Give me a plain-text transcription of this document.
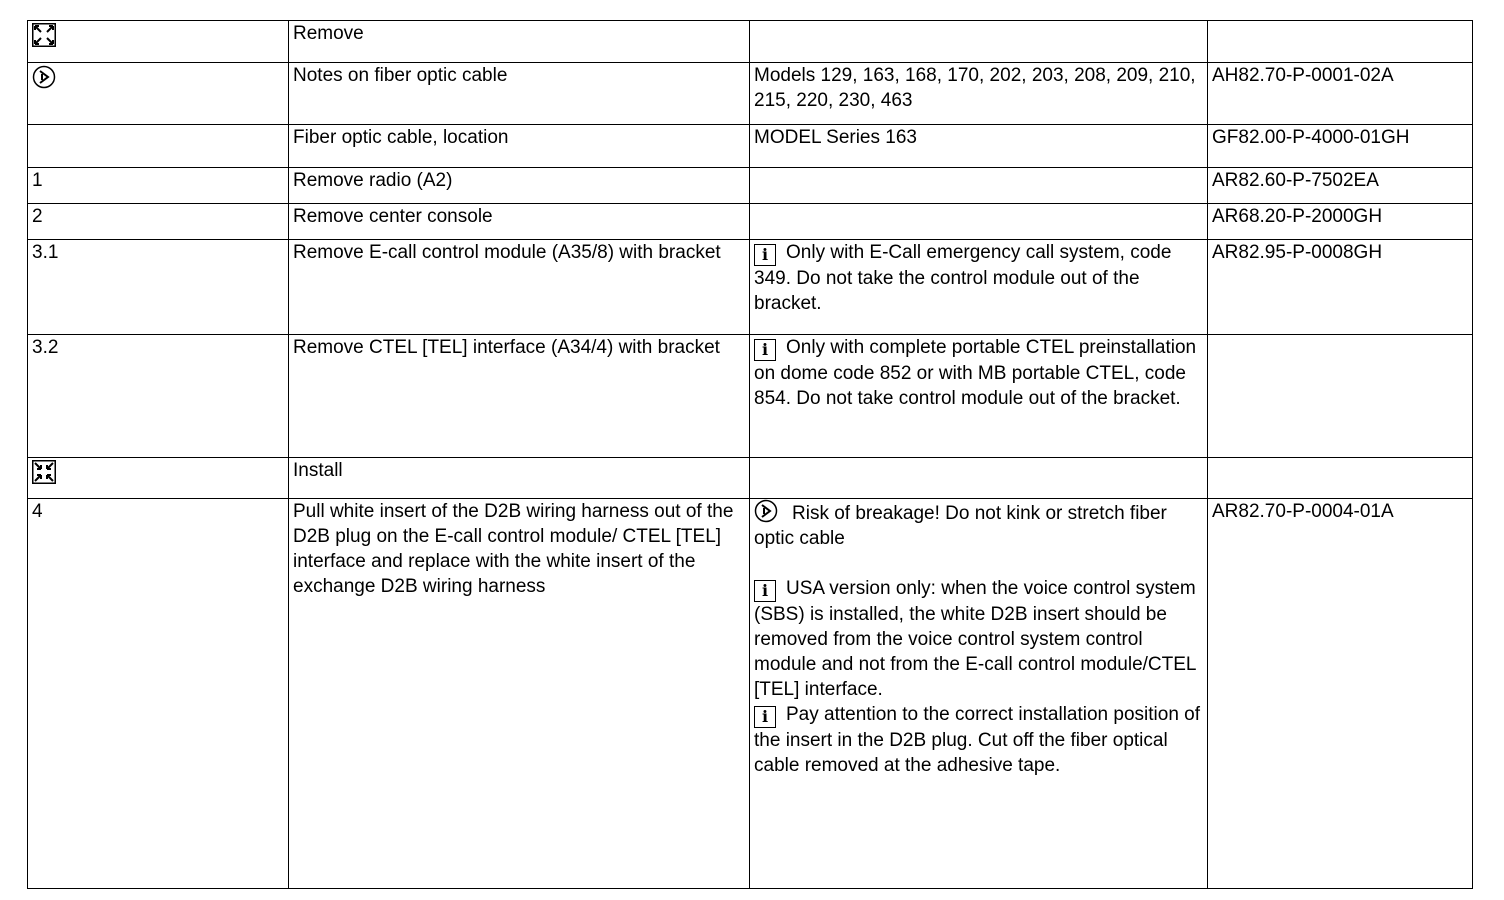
	Remove		

	Notes on fiber optic cable	Models 129, 163, 168, 170, 202, 203, 208, 209, 210, 215, 220, 230, 463	AH82.70-P-0001-02A
	Fiber optic cable, location	MODEL Series 163	GF82.00-P-4000-01GH
1	Remove radio (A2)		AR82.60-P-7502EA
2	Remove center console		AR68.20-P-2000GH
3.1	Remove E-call control module (A35/8) with bracket	i Only with E-Call emergency call system, code 349. Do not take the control module out of the bracket.	AR82.95-P-0008GH
3.2	Remove CTEL [TEL] interface (A34/4) with bracket	i Only with complete portable CTEL preinstallation on dome code 852 or with MB portable CTEL, code 854. Do not take control module out of the bracket.	

	Install		
4	Pull white insert of the D2B wiring harness out of the D2B plug on the E-call control module/ CTEL [TEL] interface and replace with the white insert of the exchange D2B wiring harness	Risk of breakage! Do not kink or stretch fiber optic cable

i USA version only: when the voice control system (SBS) is installed, the white D2B insert should be removed from the voice control system control module and not from the E-call control module/CTEL [TEL] interface.

i Pay attention to the correct installation position of the insert in the D2B plug. Cut off the fiber optical cable removed at the adhesive tape.	AR82.70-P-0004-01A
